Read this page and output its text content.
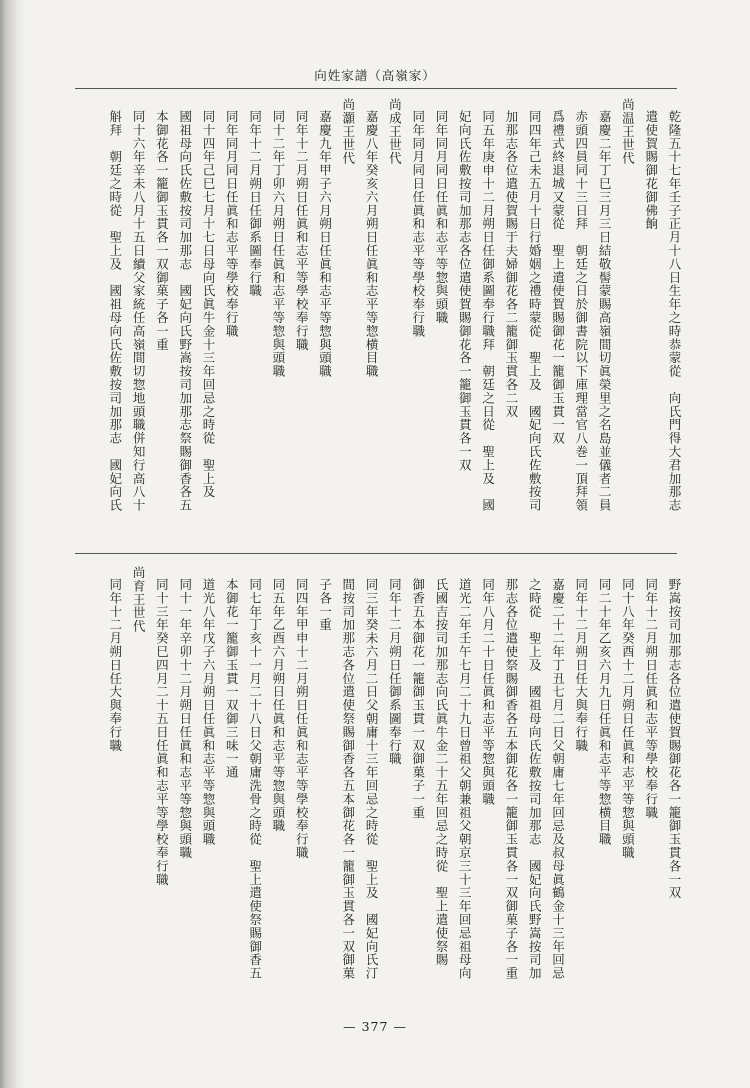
向姓家譜（高嶺家）
乾隆五十七年壬子正月十八日生年之時恭蒙從　向氏門得大君加那志
遣使賀賜御花御佛餉
尚温王世代
嘉慶二年丁巳三月三日結敬髻蒙賜高嶺間切眞榮里之名島並儀者二員
赤頭四員同十三日拜　朝廷之日於御書院以下庫理當官八巻一頂拜領
爲禮式終退城又蒙從　聖上遣使賀賜御花一籠御玉貫一双
同四年己未五月十日行婚姻之禮時蒙從　聖上及　國妃向氏佐敷按司
加那志各位遣使賀賜于夫婦御花各二籠御玉貫各二双
同五年庚申十二月朔日任御系圖奉行職拜　朝廷之日從　聖上及　國
妃向氏佐敷按司加那志各位遣使賀賜御花各一籠御玉貫各一双
同年同月同日任眞和志平等惣與頭職
同年同月同日任眞和志平等學校奉行職
尚成王世代
嘉慶八年癸亥六月朔日任眞和志平等惣横目職
尚灝王世代
嘉慶九年甲子六月朔日任眞和志平等惣與頭職
同年十二月朔日任眞和志平等學校奉行職
同十二年丁卯六月朔日任眞和志平等惣與頭職
同年十二月朔日任御系圖奉行職
同年同月同日任眞和志平等學校奉行職
同十四年己巳七月十七日母向氏眞牛金十三年回忌之時從　聖上及
國祖母向氏佐敷按司加那志　國妃向氏野嵩按司加那志祭賜御香各五
本御花各一籠御玉貫各一双御菓子各一重
同十六年辛未八月十五日續父家統任高嶺間切惣地頭職併知行高八十
斛拜　朝廷之時從　聖上及　國祖母向氏佐敷按司加那志　國妃向氏
野嵩按司加那志各位遣使賀賜御花各一籠御玉貫各一双
同年十二月朔日任眞和志平等學校奉行職
同十八年癸酉十二月朔日任眞和志平等惣與頭職
同二十年乙亥六月九日任眞和志平等惣横目職
同年十二月朔日任大與奉行職
嘉慶二十二年丁丑七月二日父朝庸七年回忌及叔母眞鶴金十三年回忌
之時從　聖上及　國祖母向氏佐敷按司加那志　國妃向氏野嵩按司加
那志各位遣使祭賜御香各五本御花各一籠御玉貫各一双御菓子各一重
同年八月二十日任眞和志平等惣與頭職
道光二年壬午七月二十九日曾祖父朝兼祖父朝京三十三年回忌祖母向
氏國吉按司加那志向氏眞牛金二十五年回忌之時從　聖上遣使祭賜
御香五本御花一籠御玉貫一双御菓子一重
同年十二月朔日任御系圖奉行職
同三年癸未六月二日父朝庸十三年回忌之時從　聖上及　國妃向氏汀
間按司加那志各位遣使祭賜御香各五本御花各一籠御玉貫各一双御菓
子各一重
同四年甲申十二月朔日任眞和志平等學校奉行職
同五年乙酉六月朔日任眞和志平等惣與頭職
同七年丁亥十一月二十八日父朝庸洗骨之時從　聖上遣使祭賜御香五
本御花一籠御玉貫一双御三味一通
道光八年戊子六月朔日任眞和志平等惣與頭職
同十一年辛卯十二月朔日任眞和志平等惣與頭職
同十三年癸巳四月二十五日任眞和志平等學校奉行職
尚育王世代
同年十二月朔日任大與奉行職
— 377 —
